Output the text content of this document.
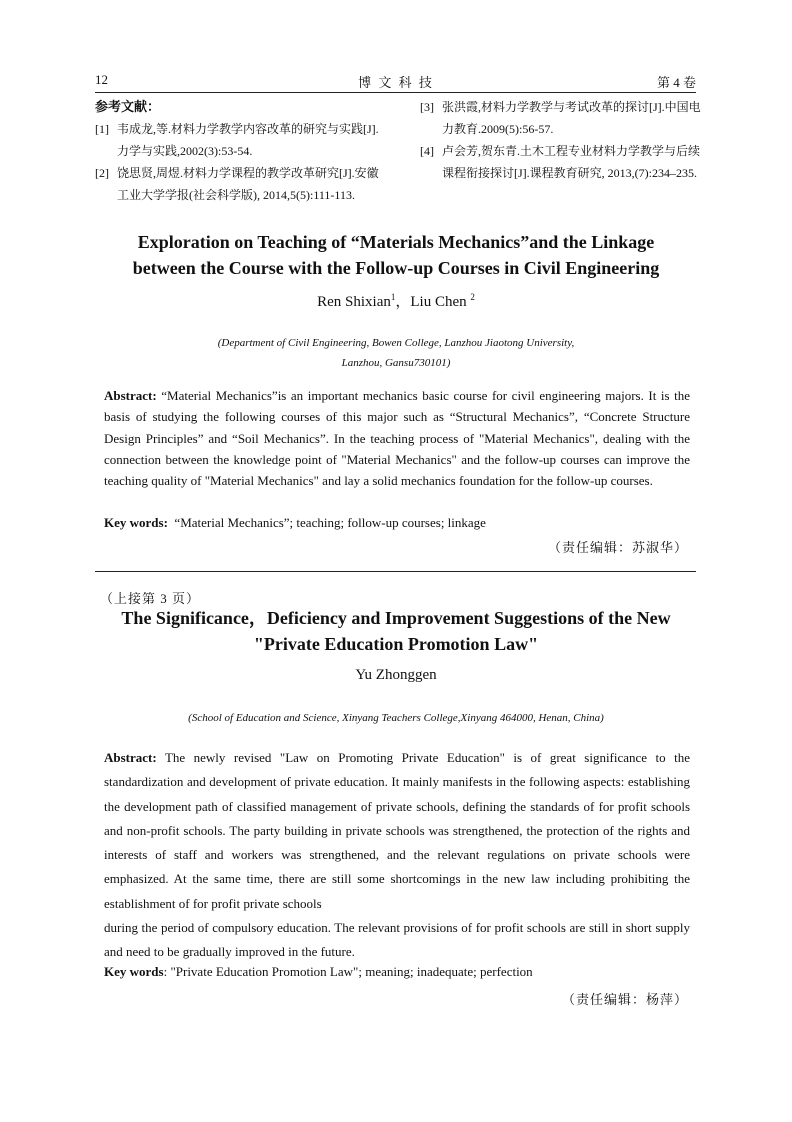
12	博 文 科 技	第 4 卷
参考文献：
[1] 韦成龙,等.材料力学教学内容改革的研究与实践[J].力学与实践,2002(3):53-54.
[2] 饶思贤,周煜.材料力学课程的教学改革研究[J].安徽工业大学学报(社会科学版), 2014,5(5):111-113.
[3] 张洪霞,材料力学教学与考试改革的探讨[J].中国电力教育.2009(5):56-57.
[4] 卢会芳,贺东青.土木工程专业材料力学教学与后续课程衔接探讨[J].课程教育研究, 2013,(7):234–235.
Exploration on Teaching of “Materials Mechanics”and the Linkage
between the Course with the Follow-up Courses in Civil Engineering
Ren Shixian$^1$，Liu Chen $^2$
(Department of Civil Engineering, Bowen College, Lanzhou Jiaotong University,
Lanzhou, Gansu730101)
Abstract: “Material Mechanics”is an important mechanics basic course for civil engineering majors. It is the basis of studying the following courses of this major such as “Structural Mechanics”, “Concrete Structure Design Principles” and “Soil Mechanics”. In the teaching process of "Material Mechanics", dealing with the connection between the knowledge point of "Material Mechanics" and the follow-up courses can improve the teaching quality of "Material Mechanics" and lay a solid mechanics foundation for the follow-up courses.
Key words: “Material Mechanics”; teaching; follow-up courses; linkage
（责任编辑：苏淑华）
（上接第 3 页）
The Significance，Deficiency and Improvement Suggestions of the New
"Private Education Promotion Law"
Yu Zhonggen
(School of Education and Science, Xinyang Teachers College,Xinyang 464000, Henan, China)
Abstract: The newly revised "Law on Promoting Private Education" is of great significance to the standardization and development of private education. It mainly manifests in the following aspects: establishing the development path of classified management of private schools, defining the standards of for profit schools and non-profit schools. The party building in private schools was strengthened, the protection of the rights and interests of staff and workers was strengthened, and the relevant regulations on private schools were emphasized. At the same time, there are still some shortcomings in the new law including prohibiting the establishment of for profit private schools
during the period of compulsory education. The relevant provisions of for profit schools are still in short supply and need to be gradually improved in the future.
Key words: "Private Education Promotion Law"; meaning; inadequate; perfection
（责任编辑：杨萍）
